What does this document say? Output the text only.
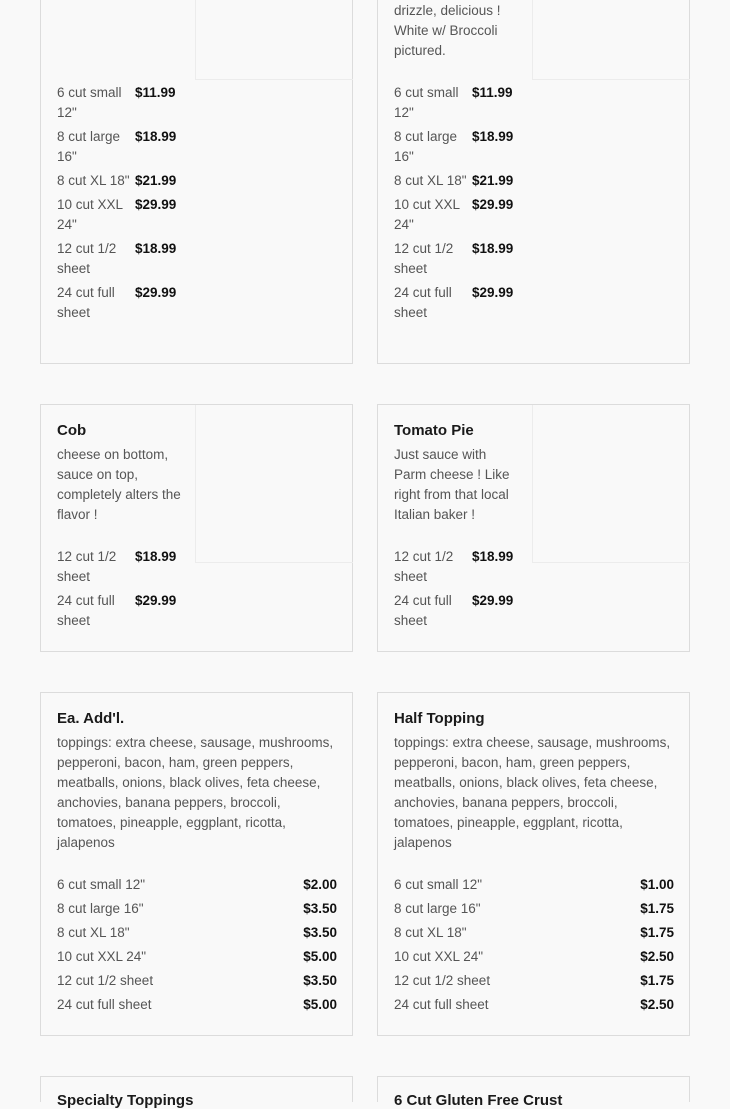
6 cut small 12"
$11.99
8 cut large 16"
$18.99
8 cut XL 18" $21.99
10 cut XXL 24"
$29.99
12 cut 1/2 sheet
$18.99
24 cut full sheet
$29.99
drizzle, delicious ! White w/ Broccoli pictured.
6 cut small 12"
$11.99
8 cut large 16"
$18.99
8 cut XL 18" $21.99
10 cut XXL 24"
$29.99
12 cut 1/2 sheet
$18.99
24 cut full sheet
$29.99
Cob
cheese on bottom, sauce on top, completely alters the flavor !
12 cut 1/2 sheet
$18.99
24 cut full sheet
$29.99
Tomato Pie
Just sauce with Parm cheese ! Like right from that local Italian baker !
12 cut 1/2 sheet
$18.99
24 cut full sheet
$29.99
Ea. Add'l.
toppings: extra cheese, sausage, mushrooms, pepperoni, bacon, ham, green peppers, meatballs, onions, black olives, feta cheese, anchovies, banana peppers, broccoli, tomatoes, pineapple, eggplant, ricotta, jalapenos
6 cut small 12"	$2.00
8 cut large 16"	$3.50
8 cut XL 18"	$3.50
10 cut XXL 24"	$5.00
12 cut 1/2 sheet	$3.50
24 cut full sheet	$5.00
Half Topping
toppings: extra cheese, sausage, mushrooms, pepperoni, bacon, ham, green peppers, meatballs, onions, black olives, feta cheese, anchovies, banana peppers, broccoli, tomatoes, pineapple, eggplant, ricotta, jalapenos
6 cut small 12"	$1.00
8 cut large 16"	$1.75
8 cut XL 18"	$1.75
10 cut XXL 24"	$2.50
12 cut 1/2 sheet	$1.75
24 cut full sheet	$2.50
Specialty Toppings	6 Cut Gluten Free Crust
